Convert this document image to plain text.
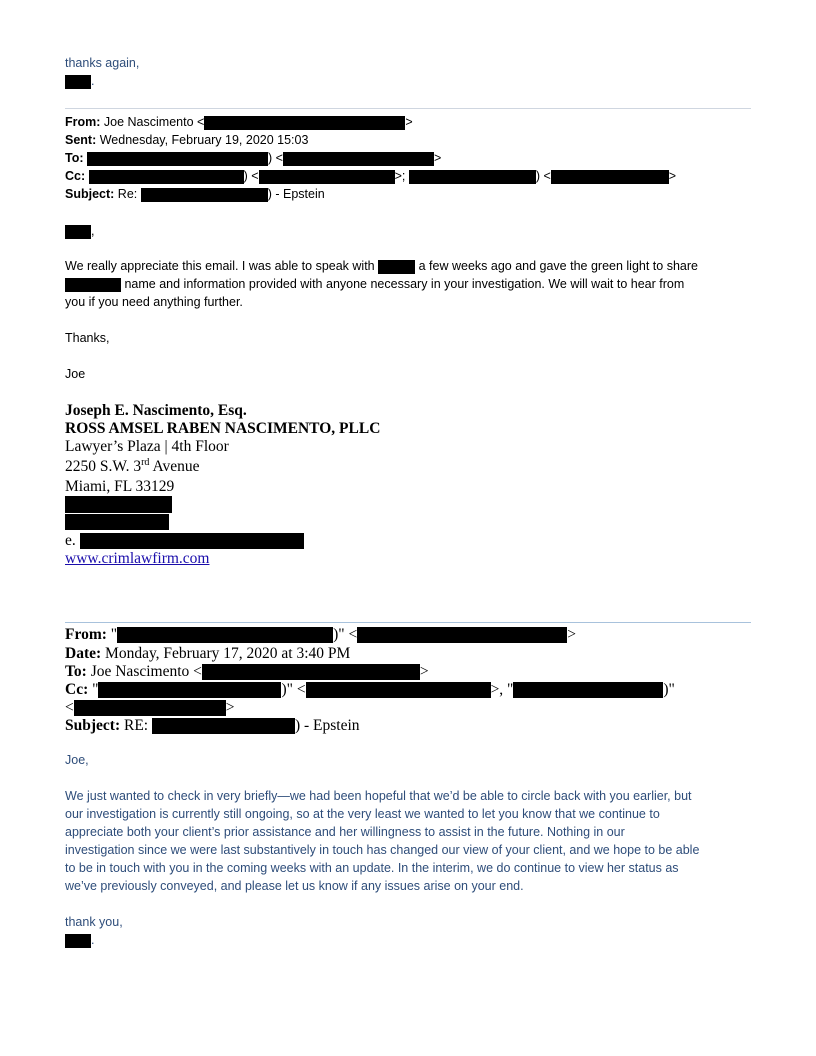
thanks again,
.
From: Joe Nascimento <	>
Sent: Wednesday, February 19, 2020 15:03
To:	) <	>
Cc:	) <	>;	) <	>
Subject: Re:	) - Epstein
,
We really appreciate this email. I was able to speak with	a few weeks ago and gave the green light to share
name and information provided with anyone necessary in your investigation. We will wait to hear from
you if you need anything further.
Thanks,
Joe
Joseph E. Nascimento, Esq.
ROSS AMSEL RABEN NASCIMENTO, PLLC
Lawyer’s Plaza | 4th Floor
2250 S.W. 3rd Avenue
Miami, FL 33129
e.
www.crimlawfirm.com
From: "	)" <	>
Date: Monday, February 17, 2020 at 3:40 PM
To: Joe Nascimento <	>
Cc: "	)" <	>, "	)"
<	>
Subject: RE:	) - Epstein
Joe,
We just wanted to check in very briefly—we had been hopeful that we’d be able to circle back with you earlier, but
our investigation is currently still ongoing, so at the very least we wanted to let you know that we continue to
appreciate both your client’s prior assistance and her willingness to assist in the future. Nothing in our
investigation since we were last substantively in touch has changed our view of your client, and we hope to be able
to be in touch with you in the coming weeks with an update. In the interim, we do continue to view her status as
we’ve previously conveyed, and please let us know if any issues arise on your end.
thank you,
.
